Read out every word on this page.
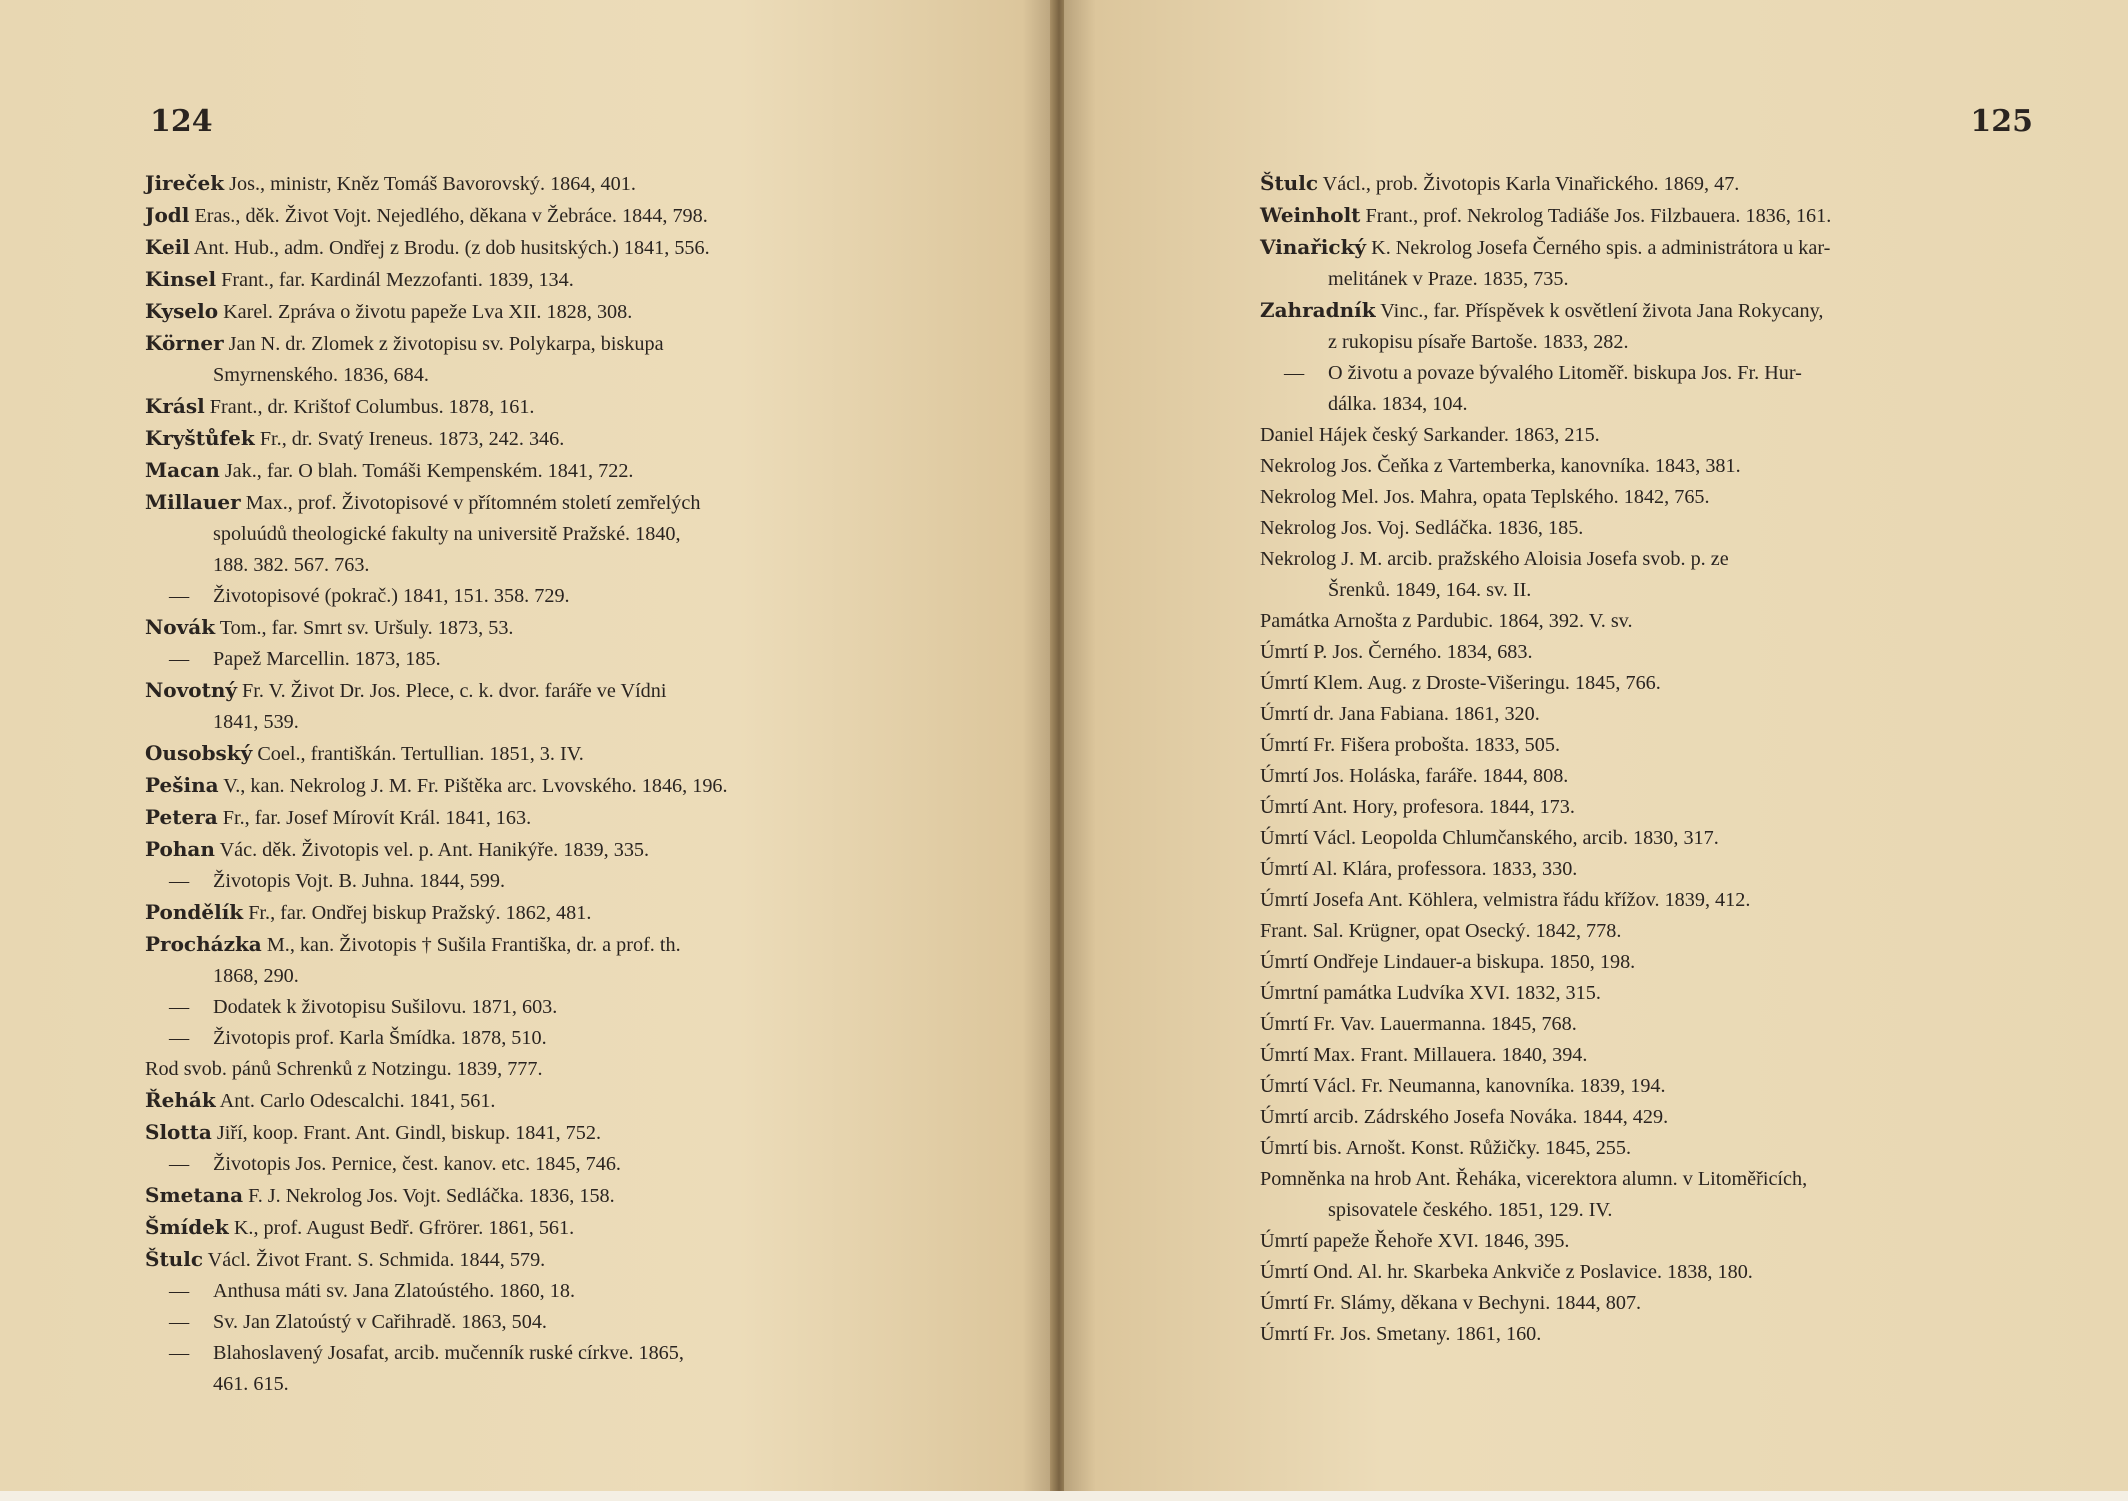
124
Jireček Jos., ministr, Kněz Tomáš Bavorovský. 1864, 401.
Jodl Eras., děk. Život Vojt. Nejedlého, děkana v Žebráce. 1844, 798.
Keil Ant. Hub., adm. Ondřej z Brodu. (z dob husitských.) 1841, 556.
Kinsel Frant., far. Kardinál Mezzofanti. 1839, 134.
Kyselo Karel. Zpráva o životu papeže Lva XII. 1828, 308.
Körner Jan N. dr. Zlomek z životopisu sv. Polykarpa, biskupa
Smyrnenského. 1836, 684.
Krásl Frant., dr. Krištof Columbus. 1878, 161.
Kryštůfek Fr., dr. Svatý Ireneus. 1873, 242. 346.
Macan Jak., far. O blah. Tomáši Kempenském. 1841, 722.
Millauer Max., prof. Životopisové v přítomném století zemřelých
spoluúdů theologické fakulty na universitě Pražské. 1840,
188. 382. 567. 763.
— Životopisové (pokrač.) 1841, 151. 358. 729.
Novák Tom., far. Smrt sv. Uršuly. 1873, 53.
— Papež Marcellin. 1873, 185.
Novotný Fr. V. Život Dr. Jos. Plece, c. k. dvor. faráře ve Vídni
1841, 539.
Ousobský Coel., františkán. Tertullian. 1851, 3. IV.
Pešina V., kan. Nekrolog J. M. Fr. Pištěka arc. Lvovského. 1846, 196.
Petera Fr., far. Josef Mírovít Král. 1841, 163.
Pohan Vác. děk. Životopis vel. p. Ant. Hanikýře. 1839, 335.
— Životopis Vojt. B. Juhna. 1844, 599.
Pondělík Fr., far. Ondřej biskup Pražský. 1862, 481.
Procházka M., kan. Životopis † Sušila Františka, dr. a prof. th.
1868, 290.
— Dodatek k životopisu Sušilovu. 1871, 603.
— Životopis prof. Karla Šmídka. 1878, 510.
Rod svob. pánů Schrenků z Notzingu. 1839, 777.
Řehák Ant. Carlo Odescalchi. 1841, 561.
Slotta Jiří, koop. Frant. Ant. Gindl, biskup. 1841, 752.
— Životopis Jos. Pernice, čest. kanov. etc. 1845, 746.
Smetana F. J. Nekrolog Jos. Vojt. Sedláčka. 1836, 158.
Šmídek K., prof. August Bedř. Gfrörer. 1861, 561.
Štulc Václ. Život Frant. S. Schmida. 1844, 579.
— Anthusa máti sv. Jana Zlatoústého. 1860, 18.
— Sv. Jan Zlatoústý v Cařihradě. 1863, 504.
— Blahoslavený Josafat, arcib. mučenník ruské církve. 1865,
461. 615.
125
Štulc Václ., prob. Životopis Karla Vinařického. 1869, 47.
Weinholt Frant., prof. Nekrolog Tadiáše Jos. Filzbauera. 1836, 161.
Vinařický K. Nekrolog Josefa Černého spis. a administrátora u kar-
melitánek v Praze. 1835, 735.
Zahradník Vinc., far. Příspěvek k osvětlení života Jana Rokycany,
z rukopisu písaře Bartoše. 1833, 282.
— O životu a povaze bývalého Litoměř. biskupa Jos. Fr. Hur-
dálka. 1834, 104.
Daniel Hájek český Sarkander. 1863, 215.
Nekrolog Jos. Čeňka z Vartemberka, kanovníka. 1843, 381.
Nekrolog Mel. Jos. Mahra, opata Teplského. 1842, 765.
Nekrolog Jos. Voj. Sedláčka. 1836, 185.
Nekrolog J. M. arcib. pražského Aloisia Josefa svob. p. ze
Šrenků. 1849, 164. sv. II.
Památka Arnošta z Pardubic. 1864, 392. V. sv.
Úmrtí P. Jos. Černého. 1834, 683.
Úmrtí Klem. Aug. z Droste-Višeringu. 1845, 766.
Úmrtí dr. Jana Fabiana. 1861, 320.
Úmrtí Fr. Fišera probošta. 1833, 505.
Úmrtí Jos. Holáska, faráře. 1844, 808.
Úmrtí Ant. Hory, profesora. 1844, 173.
Úmrtí Václ. Leopolda Chlumčanského, arcib. 1830, 317.
Úmrtí Al. Klára, professora. 1833, 330.
Úmrtí Josefa Ant. Köhlera, velmistra řádu křížov. 1839, 412.
Frant. Sal. Krügner, opat Osecký. 1842, 778.
Úmrtí Ondřeje Lindauer-a biskupa. 1850, 198.
Úmrtní památka Ludvíka XVI. 1832, 315.
Úmrtí Fr. Vav. Lauermanna. 1845, 768.
Úmrtí Max. Frant. Millauera. 1840, 394.
Úmrtí Václ. Fr. Neumanna, kanovníka. 1839, 194.
Úmrtí arcib. Zádrského Josefa Nováka. 1844, 429.
Úmrtí bis. Arnošt. Konst. Růžičky. 1845, 255.
Pomněnka na hrob Ant. Řeháka, vicerektora alumn. v Litoměřicích,
spisovatele českého. 1851, 129. IV.
Úmrtí papeže Řehoře XVI. 1846, 395.
Úmrtí Ond. Al. hr. Skarbeka Ankviče z Poslavice. 1838, 180.
Úmrtí Fr. Slámy, děkana v Bechyni. 1844, 807.
Úmrtí Fr. Jos. Smetany. 1861, 160.
